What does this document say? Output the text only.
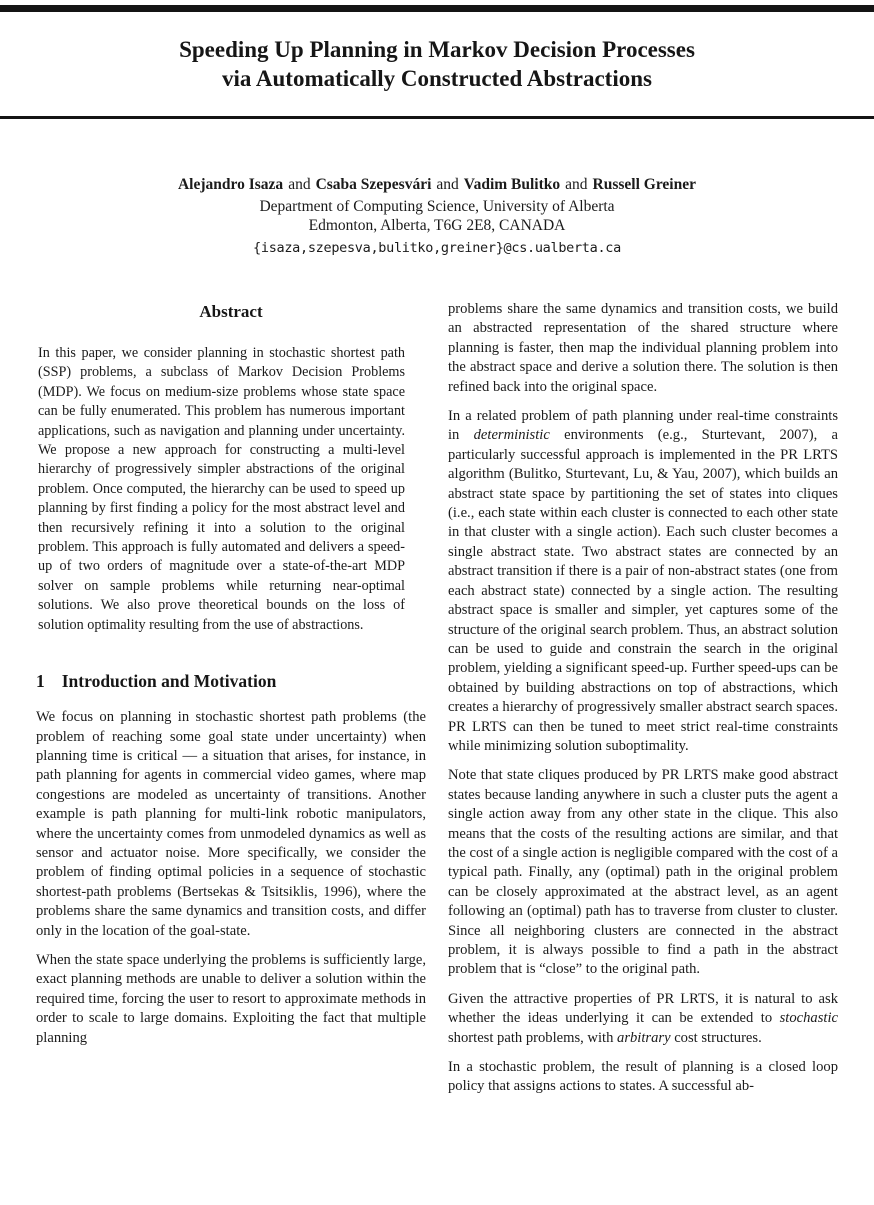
Speeding Up Planning in Markov Decision Processes
via Automatically Constructed Abstractions
Alejandro Isaza and Csaba Szepesvári and Vadim Bulitko and Russell Greiner
Department of Computing Science, University of Alberta
Edmonton, Alberta, T6G 2E8, CANADA
{isaza,szepesva,bulitko,greiner}@cs.ualberta.ca
Abstract
In this paper, we consider planning in stochastic shortest path (SSP) problems, a subclass of Markov Decision Problems (MDP). We focus on medium-size problems whose state space can be fully enumerated. This problem has numerous important applications, such as navigation and planning under uncertainty. We propose a new approach for constructing a multi-level hierarchy of progressively simpler abstractions of the original problem. Once computed, the hierarchy can be used to speed up planning by first finding a policy for the most abstract level and then recursively refining it into a solution to the original problem. This approach is fully automated and delivers a speed-up of two orders of magnitude over a state-of-the-art MDP solver on sample problems while returning near-optimal solutions. We also prove theoretical bounds on the loss of solution optimality resulting from the use of abstractions.
1 Introduction and Motivation

We focus on planning in stochastic shortest path problems (the problem of reaching some goal state under uncertainty) when planning time is critical — a situation that arises, for instance, in path planning for agents in commercial video games, where map congestions are modeled as uncertainty of transitions. Another example is path planning for multi-link robotic manipulators, where the uncertainty comes from unmodeled dynamics as well as sensor and actuator noise. More specifically, we consider the problem of finding optimal policies in a sequence of stochastic shortest-path problems (Bertsekas & Tsitsiklis, 1996), where the problems share the same dynamics and transition costs, and differ only in the location of the goal-state.

When the state space underlying the problems is sufficiently large, exact planning methods are unable to deliver a solution within the required time, forcing the user to resort to approximate methods in order to scale to large domains. Exploiting the fact that multiple planning

problems share the same dynamics and transition costs, we build an abstracted representation of the shared structure where planning is faster, then map the individual planning problem into the abstract space and derive a solution there. The solution is then refined back into the original space.

In a related problem of path planning under real-time constraints in deterministic environments (e.g., Sturtevant, 2007), a particularly successful approach is implemented in the PR LRTS algorithm (Bulitko, Sturtevant, Lu, & Yau, 2007), which builds an abstract state space by partitioning the set of states into cliques (i.e., each state within each cluster is connected to each other state in that cluster with a single action). Each such cluster becomes a single abstract state. Two abstract states are connected by an abstract transition if there is a pair of non-abstract states (one from each abstract state) connected by a single action. The resulting abstract space is smaller and simpler, yet captures some of the structure of the original search problem. Thus, an abstract solution can be used to guide and constrain the search in the original problem, yielding a significant speed-up. Further speed-ups can be obtained by building abstractions on top of abstractions, which creates a hierarchy of progressively smaller abstract search spaces. PR LRTS can then be tuned to meet strict real-time constraints while minimizing solution suboptimality.

Note that state cliques produced by PR LRTS make good abstract states because landing anywhere in such a cluster puts the agent a single action away from any other state in the clique. This also means that the costs of the resulting actions are similar, and that the cost of a single action is negligible compared with the cost of a typical path. Finally, any (optimal) path in the original problem can be closely approximated at the abstract level, as an agent following an (optimal) path has to traverse from cluster to cluster. Since all neighboring clusters are connected in the abstract problem, it is always possible to find a path in the abstract problem that is “close” to the original path.

Given the attractive properties of PR LRTS, it is natural to ask whether the ideas underlying it can be extended to stochastic shortest path problems, with arbitrary cost structures.

In a stochastic problem, the result of planning is a closed loop policy that assigns actions to states. A successful ab-
